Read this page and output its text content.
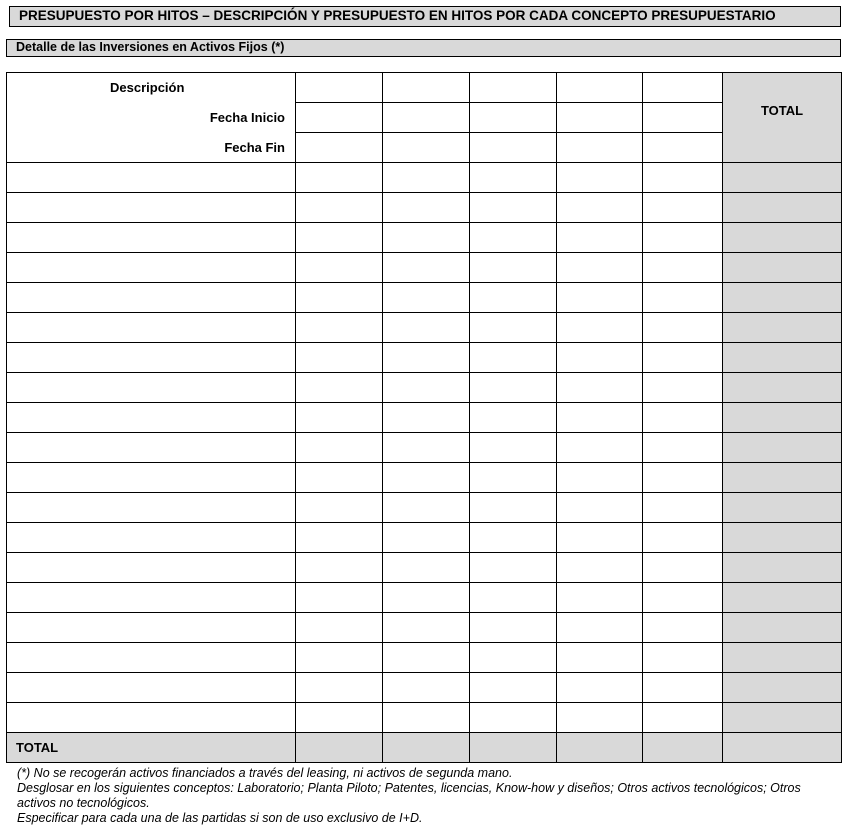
PRESUPUESTO POR HITOS – DESCRIPCIÓN Y PRESUPUESTO EN HITOS POR CADA CONCEPTO PRESUPUESTARIO
Detalle de las Inversiones en Activos Fijos (*)
Descripción						TOTAL
Fecha Inicio						
Fecha Fin						

TOTAL						
(*) No se recogerán activos financiados a través del leasing, ni activos de segunda mano.
Desglosar en los siguientes conceptos: Laboratorio; Planta Piloto; Patentes, licencias, Know-how y diseños; Otros activos tecnológicos; Otros activos no tecnológicos.
Especificar para cada una de las partidas si son de uso exclusivo de I+D.
